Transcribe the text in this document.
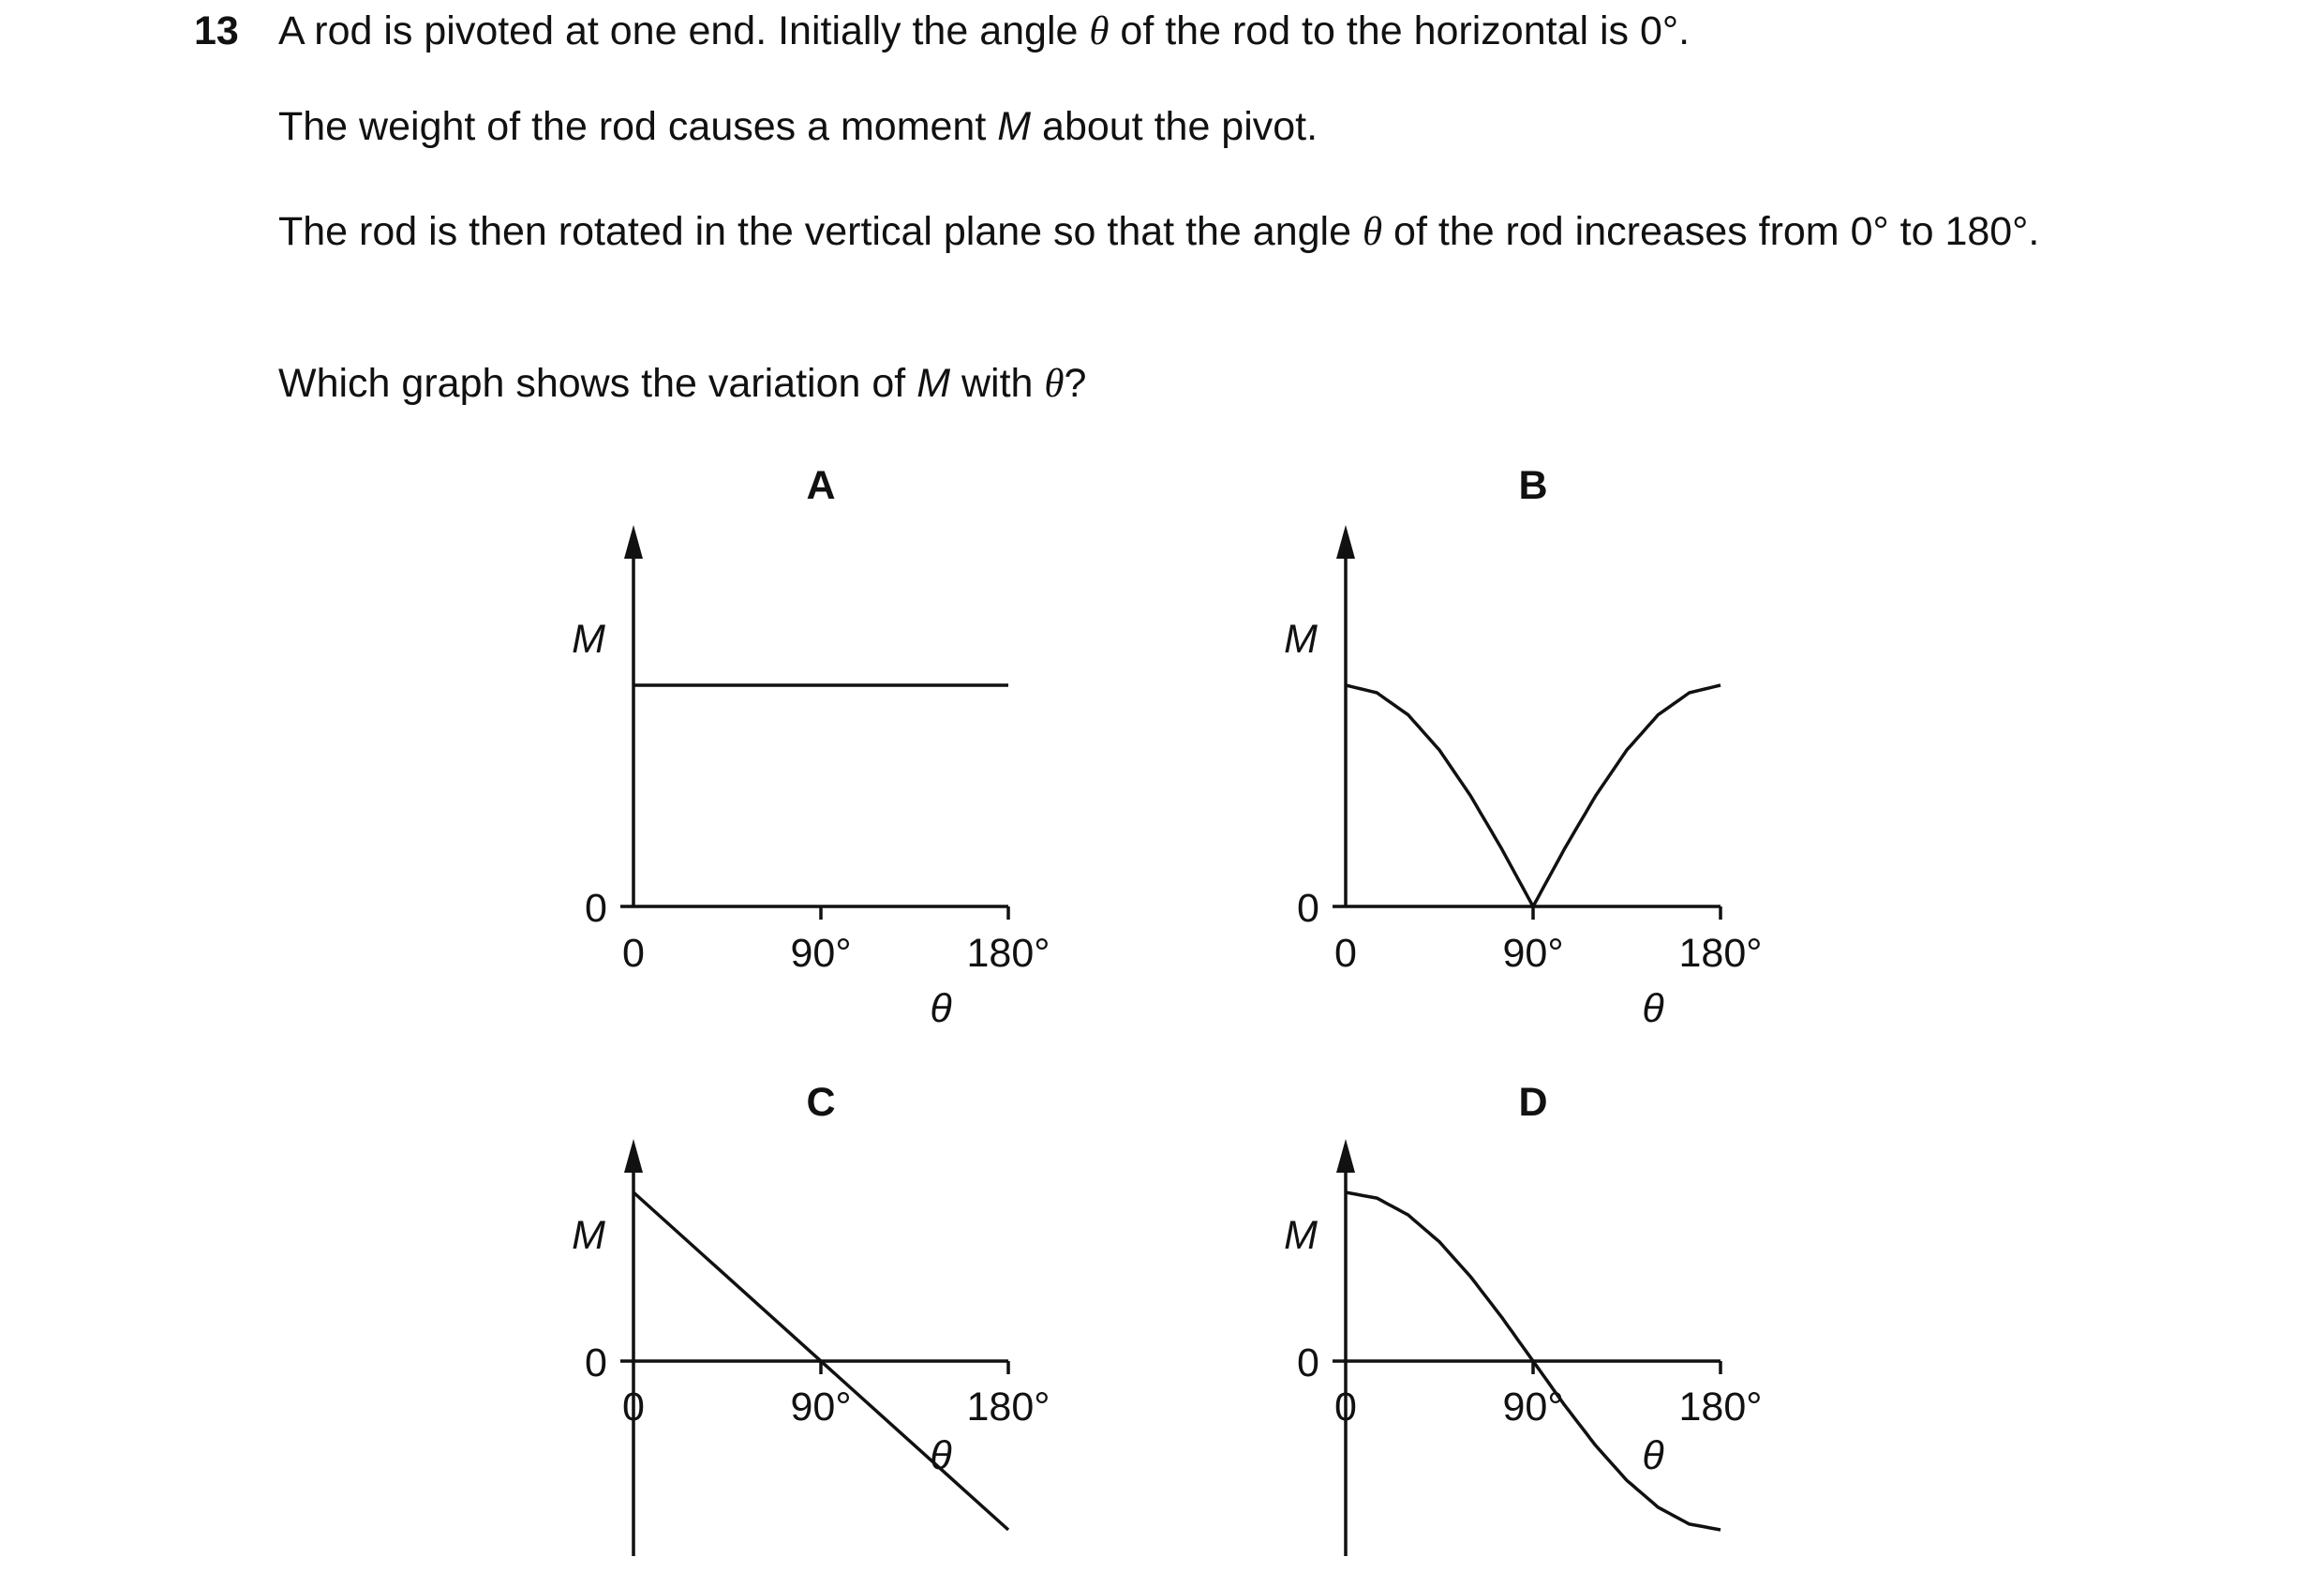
13 A rod is pivoted at one end. Initially the angle θ of the rod to the horizontal is 0°.
The weight of the rod causes a moment M about the pivot.
The rod is then rotated in the vertical plane so that the angle θ of the rod increases from 0° to 180°.
Which graph shows the variation of M with θ?
0	90°	180°
0
θ
M
A
0	90°	180°
0
θ
M
B
0	90°	180°
0
θ
M
C
0	90°	180°
0
θ
M
D
